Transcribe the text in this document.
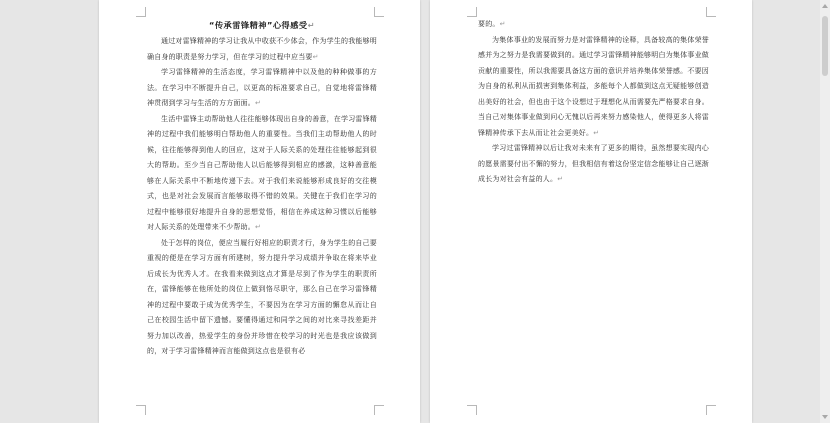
“传承雷锋精神”心得感受↵

通过对雷锋精神的学习让我从中收获不少体会，作为学生的我能够明确自身的职责是努力学习，但在学习的过程中应当要↵

学习雷锋精神的生活态度，学习雷锋精神中以及他的种种做事的方法。在学习中不断提升自己，以更高的标准要求自己，自觉地将雷锋精神贯彻到学习与生活的方方面面。↵

生活中雷锋主动帮助他人往往能够体现出自身的善意，在学习雷锋精神的过程中我们能够明白帮助他人的重要性。当我们主动帮助他人的时候，往往能够得到他人的回应，这对于人际关系的处理往往能够起到很大的帮助。至少当自己帮助他人以后能够得到相应的感激，这种善意能够在人际关系中不断地传递下去。对于我们来说能够形成良好的交往模式，也是对社会发展而言能够取得不错的效果。关键在于我们在学习的过程中能够很好地提升自身的思想觉悟，相信在养成这种习惯以后能够对人际关系的处理带来不少帮助。↵

处于怎样的岗位，便应当履行好相应的职责才行，身为学生的自己要重视的便是在学习方面有所建树，努力提升学习成绩并争取在将来毕业后成长为优秀人才。在我看来做到这点才算是尽到了作为学生的职责所在，雷锋能够在他所处的岗位上做到恪尽职守，那么自己在学习雷锋精神的过程中要敢于成为优秀学生，不要因为在学习方面的懈怠从而让自己在校园生活中留下遗憾。要懂得通过和同学之间的对比来寻找差距并努力加以改善，热爱学生的身份并珍惜在校学习的时光也是我应该做到的，对于学习雷锋精神而言能做到这点也是很有必

要的。↵

为集体事业的发展而努力是对雷锋精神的诠释，具备较高的集体荣誉感并为之努力是我需要做到的。通过学习雷锋精神能够明白为集体事业做贡献的重要性，所以我需要具备这方面的意识并培养集体荣誉感。不要因为自身的私利从而损害到集体利益，多能每个人都做到这点无疑能够创造出美好的社会，但也由于这个设想过于理想化从而需要先严格要求自身。当自己对集体事业做到问心无愧以后再来努力感染他人，使得更多人将雷锋精神传承下去从而让社会更美好。↵

学习过雷锋精神以后让我对未来有了更多的期待，虽然想要实现内心的愿景需要付出不懈的努力，但我相信有着这份坚定信念能够让自己逐渐成长为对社会有益的人。↵
